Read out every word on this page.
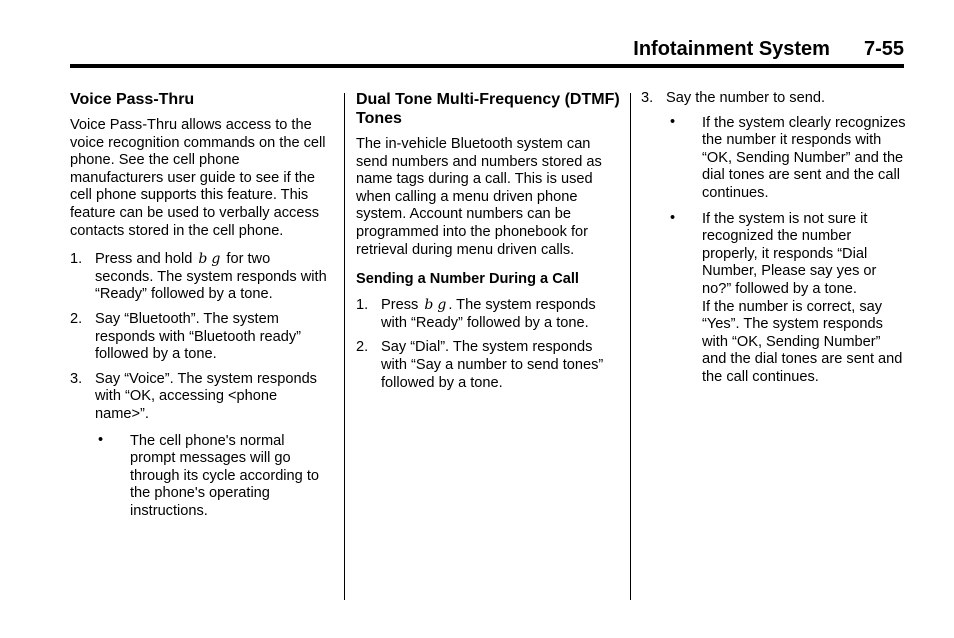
Infotainment System 7-55
Voice Pass-Thru

Voice Pass-Thru allows access to the voice recognition commands on the cell phone. See the cell phone manufacturers user guide to see if the cell phone supports this feature. This feature can be used to verbally access contacts stored in the cell phone.

1. Press and hold b g for two seconds. The system responds with “Ready” followed by a tone.
2. Say “Bluetooth”. The system responds with “Bluetooth ready” followed by a tone.
3. Say “Voice”. The system responds with “OK, accessing <phone name>”.
• The cell phone's normal prompt messages will go through its cycle according to the phone's operating instructions.
Dual Tone Multi-Frequency (DTMF) Tones

The in-vehicle Bluetooth system can send numbers and numbers stored as name tags during a call. This is used when calling a menu driven phone system. Account numbers can be programmed into the phonebook for retrieval during menu driven calls.

Sending a Number During a Call
1. Press b g . The system responds with “Ready” followed by a tone.
2. Say “Dial”. The system responds with “Say a number to send tones” followed by a tone.
3. Say the number to send.
• If the system clearly recognizes the number it responds with “OK, Sending Number” and the dial tones are sent and the call continues.
• If the system is not sure it recognized the number properly, it responds “Dial Number, Please say yes or no?” followed by a tone.
If the number is correct, say “Yes”. The system responds with “OK, Sending Number” and the dial tones are sent and the call continues.
